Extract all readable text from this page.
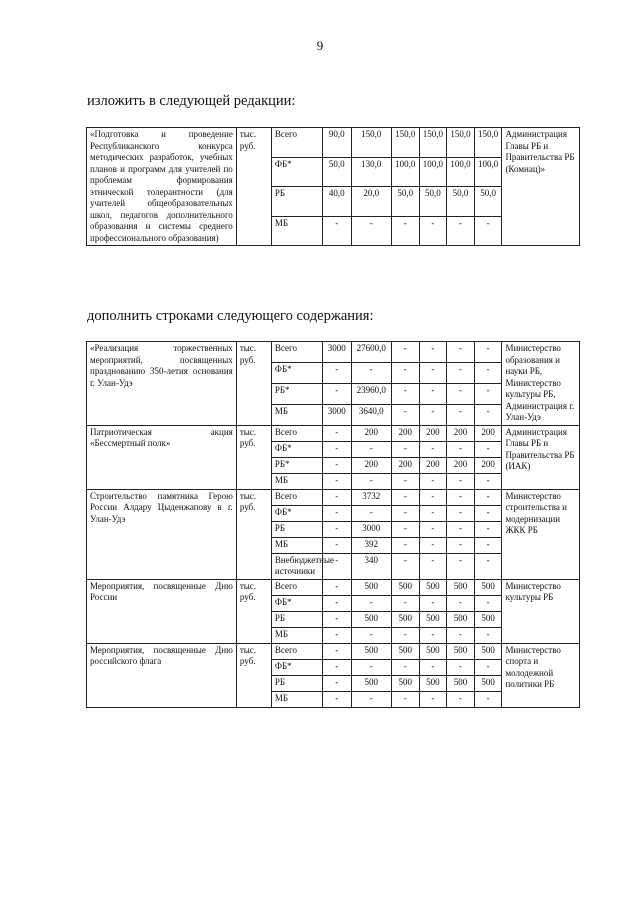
9
изложить в следующей редакции:
«Подготовка и проведение Республиканского конкурса методических разработок, учебных планов и программ для учителей по проблемам формирования этнической толерантности (для учителей общеобразовательных школ, педагогов дополнительного образования и системы среднего профессионального образования)	тыс. руб.	Всего	90,0	150,0	150,0	150,0	150,0	150,0	Администрация Главы РБ и Правительства РБ (Комнац)»
		ФБ*	50,0	130,0	100,0	100,0	100,0	100,0	
		РБ	40,0	20,0	50,0	50,0	50,0	50,0	
		МБ	-	-	-	-	-	-	
дополнить строками следующего содержания:
«Реализация торжественных мероприятий, посвященных празднованию 350-летия основания г. Улан-Удэ	тыс. руб.	Всего	3000	27600,0	-	-	-	-	Министерство образования и науки РБ, Министерство культуры РБ, Администрация г. Улан-Удэ
		ФБ*	-	-	-	-	-	-	
		РБ*	-	23960,0	-	-	-	-	
		МБ	3000	3640,0	-	-	-	-	
Патриотическая акция «Бессмертный полк»	тыс. руб.	Всего	-	200	200	200	200	200	Администрация Главы РБ и Правительства РБ (ИАК)
		ФБ*	-	-	-	-	-	-	
		РБ*	-	200	200	200	200	200	
		МБ	-	-	-	-	-	-	
Строительство памятника Герою России Алдару Цыденжапову в г. Улан-Удэ	тыс. руб.	Всего	-	3732	-	-	-	-	Министерство строительства и модернизации ЖКК РБ
		ФБ*	-	-	-	-	-	-	
		РБ	-	3000	-	-	-	-	
		МБ	-	392	-	-	-	-	
		Внебюджетные источники	-	340	-	-	-	-	
Мероприятия, посвященные Дню России	тыс. руб.	Всего	-	500	500	500	500	500	Министерство культуры РБ
		ФБ*	-	-	-	-	-	-	
		РБ	-	500	500	500	500	500	
		МБ	-	-	-	-	-	-	
Мероприятия, посвященные Дню российского флага	тыс. руб.	Всего	-	500	500	500	500	500	Министерство спорта и молодежной политики РБ
		ФБ*	-	-	-	-	-	-	
		РБ	-	500	500	500	500	500	
		МБ	-	-	-	-	-	-	
